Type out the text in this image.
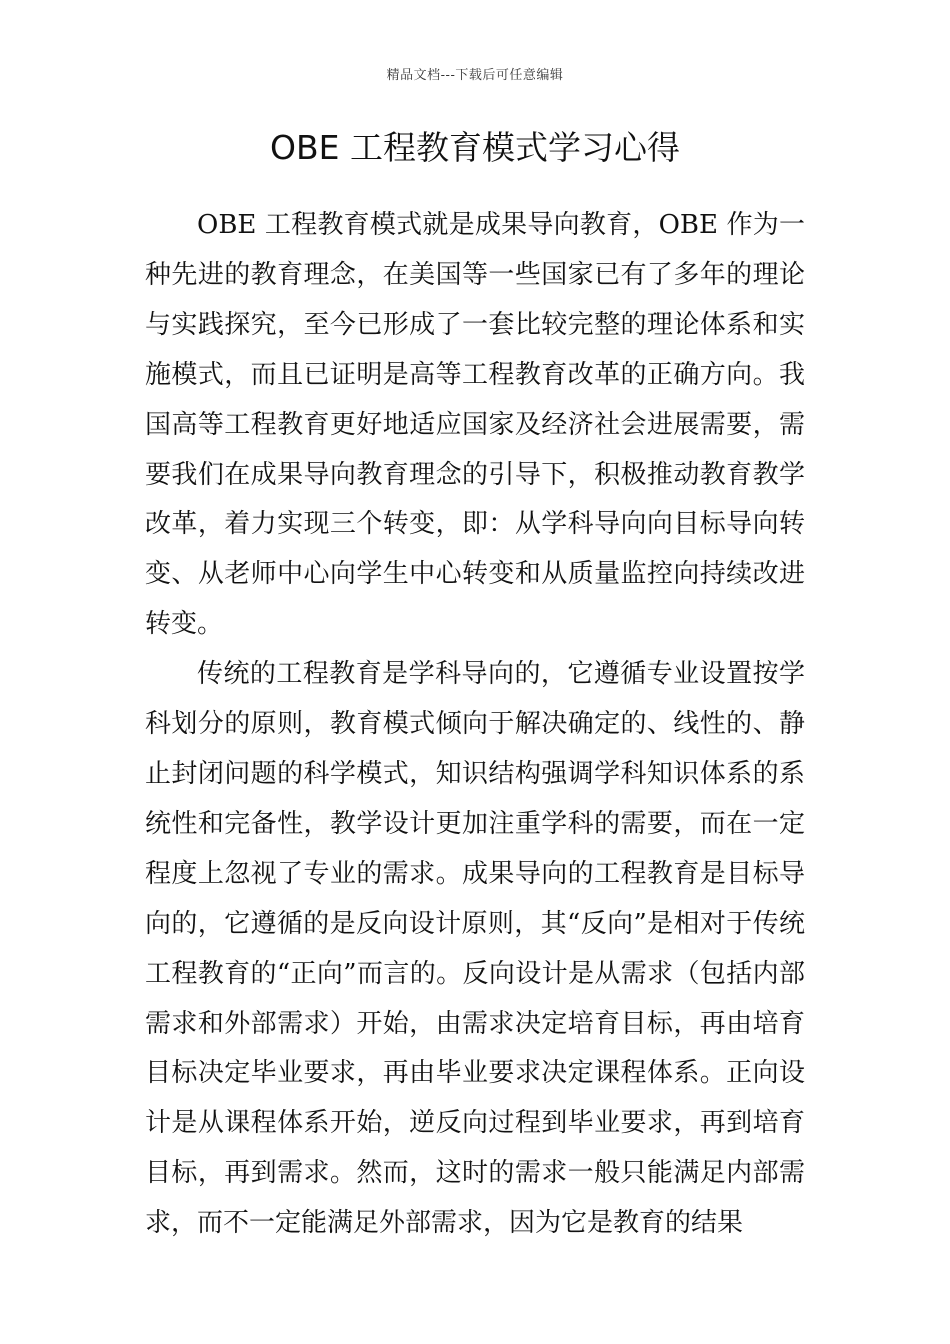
精品文档---下载后可任意编辑
OBE 工程教育模式学习心得

OBE 工程教育模式就是成果导向教育，OBE 作为一种先进的教育理念，在美国等一些国家已有了多年的理论与实践探究，至今已形成了一套比较完整的理论体系和实施模式，而且已证明是高等工程教育改革的正确方向。我国高等工程教育更好地适应国家及经济社会进展需要，需要我们在成果导向教育理念的引导下，积极推动教育教学改革，着力实现三个转变，即：从学科导向向目标导向转变、从老师中心向学生中心转变和从质量监控向持续改进转变。

传统的工程教育是学科导向的，它遵循专业设置按学科划分的原则，教育模式倾向于解决确定的、线性的、静止封闭问题的科学模式，知识结构强调学科知识体系的系统性和完备性，教学设计更加注重学科的需要，而在一定程度上忽视了专业的需求。成果导向的工程教育是目标导向的，它遵循的是反向设计原则，其“反向”是相对于传统工程教育的“正向”而言的。反向设计是从需求（包括内部需求和外部需求）开始，由需求决定培育目标，再由培育目标决定毕业要求，再由毕业要求决定课程体系。正向设计是从课程体系开始，逆反向过程到毕业要求，再到培育目标，再到需求。然而，这时的需求一般只能满足内部需求，而不一定能满足外部需求，因为它是教育的结果
